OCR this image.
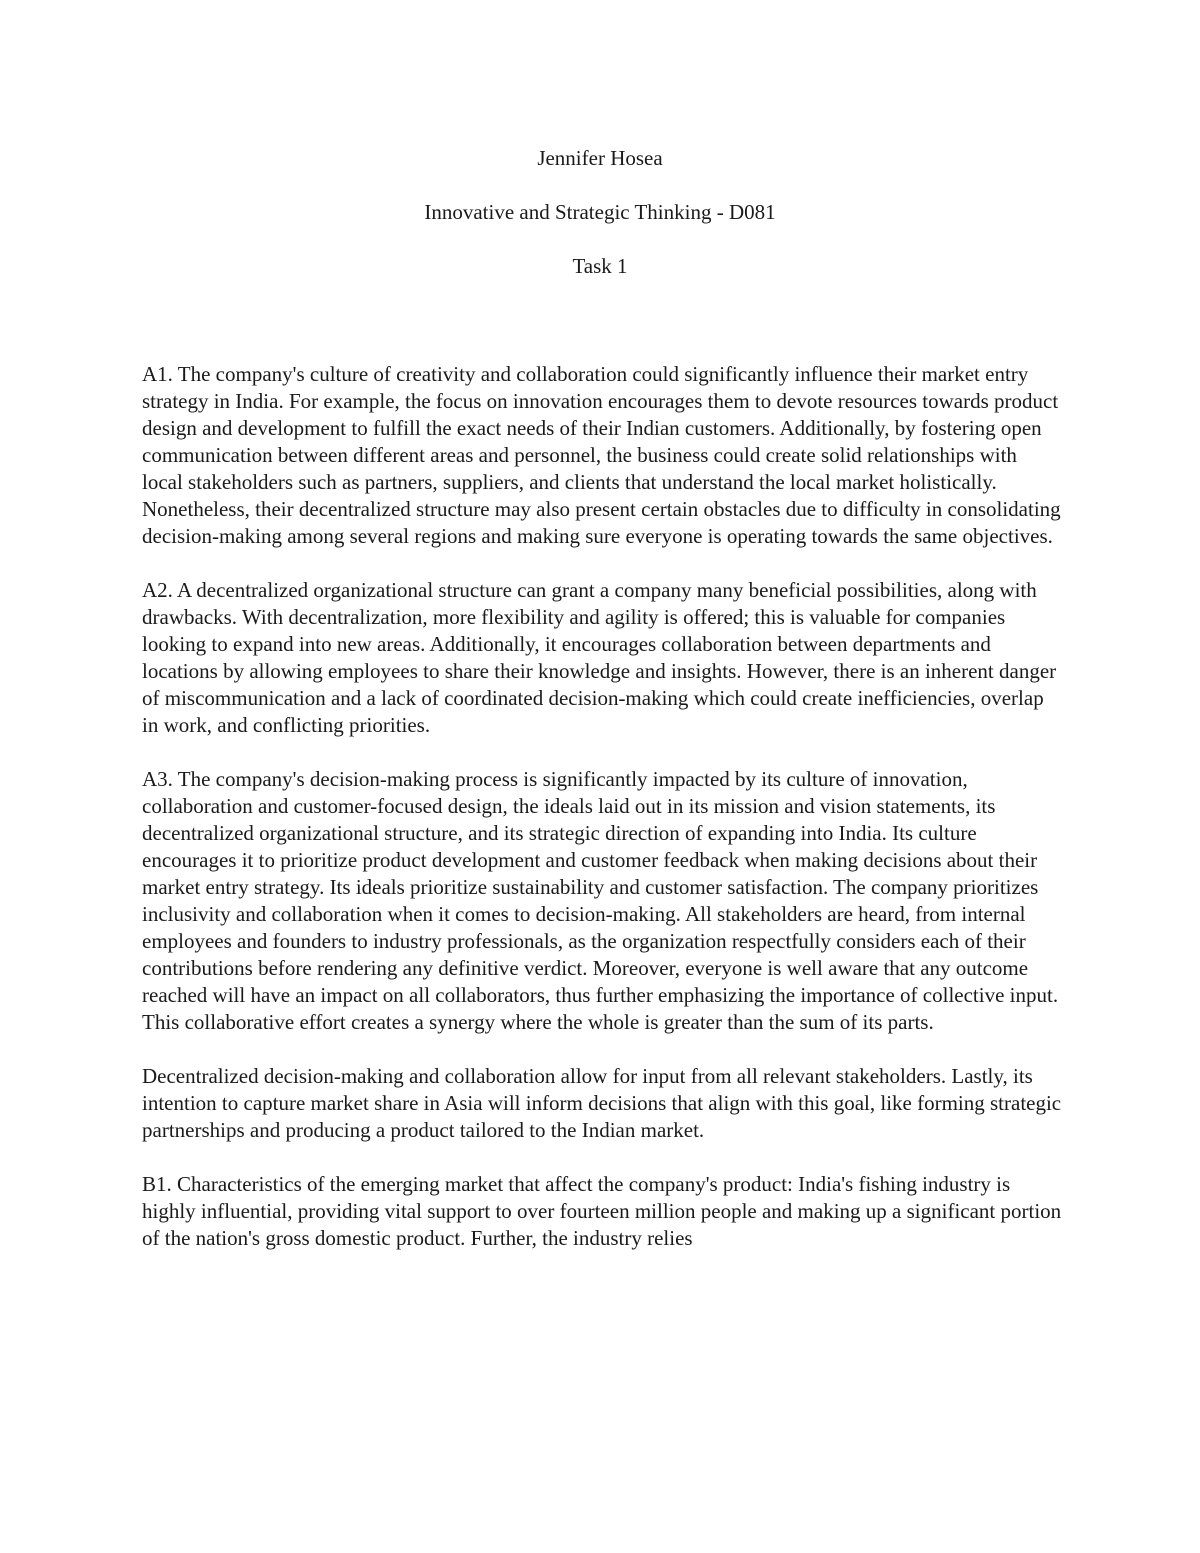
Jennifer Hosea
Innovative and Strategic Thinking - D081
Task 1

A1. The company's culture of creativity and collaboration could significantly influence their market entry strategy in India. For example, the focus on innovation encourages them to devote resources towards product design and development to fulfill the exact needs of their Indian customers. Additionally, by fostering open communication between different areas and personnel, the business could create solid relationships with local stakeholders such as partners, suppliers, and clients that understand the local market holistically. Nonetheless, their decentralized structure may also present certain obstacles due to difficulty in consolidating decision-making among several regions and making sure everyone is operating towards the same objectives.

A2. A decentralized organizational structure can grant a company many beneficial possibilities, along with drawbacks. With decentralization, more flexibility and agility is offered; this is valuable for companies looking to expand into new areas. Additionally, it encourages collaboration between departments and locations by allowing employees to share their knowledge and insights. However, there is an inherent danger of miscommunication and a lack of coordinated decision-making which could create inefficiencies, overlap in work, and conflicting priorities.

A3. The company's decision-making process is significantly impacted by its culture of innovation, collaboration and customer-focused design, the ideals laid out in its mission and vision statements, its decentralized organizational structure, and its strategic direction of expanding into India. Its culture encourages it to prioritize product development and customer feedback when making decisions about their market entry strategy. Its ideals prioritize sustainability and customer satisfaction. The company prioritizes inclusivity and collaboration when it comes to decision-making. All stakeholders are heard, from internal employees and founders to industry professionals, as the organization respectfully considers each of their contributions before rendering any definitive verdict. Moreover, everyone is well aware that any outcome reached will have an impact on all collaborators, thus further emphasizing the importance of collective input. This collaborative effort creates a synergy where the whole is greater than the sum of its parts.

Decentralized decision-making and collaboration allow for input from all relevant stakeholders. Lastly, its intention to capture market share in Asia will inform decisions that align with this goal, like forming strategic partnerships and producing a product tailored to the Indian market.

B1. Characteristics of the emerging market that affect the company's product: India's fishing industry is highly influential, providing vital support to over fourteen million people and making up a significant portion of the nation's gross domestic product. Further, the industry relies
